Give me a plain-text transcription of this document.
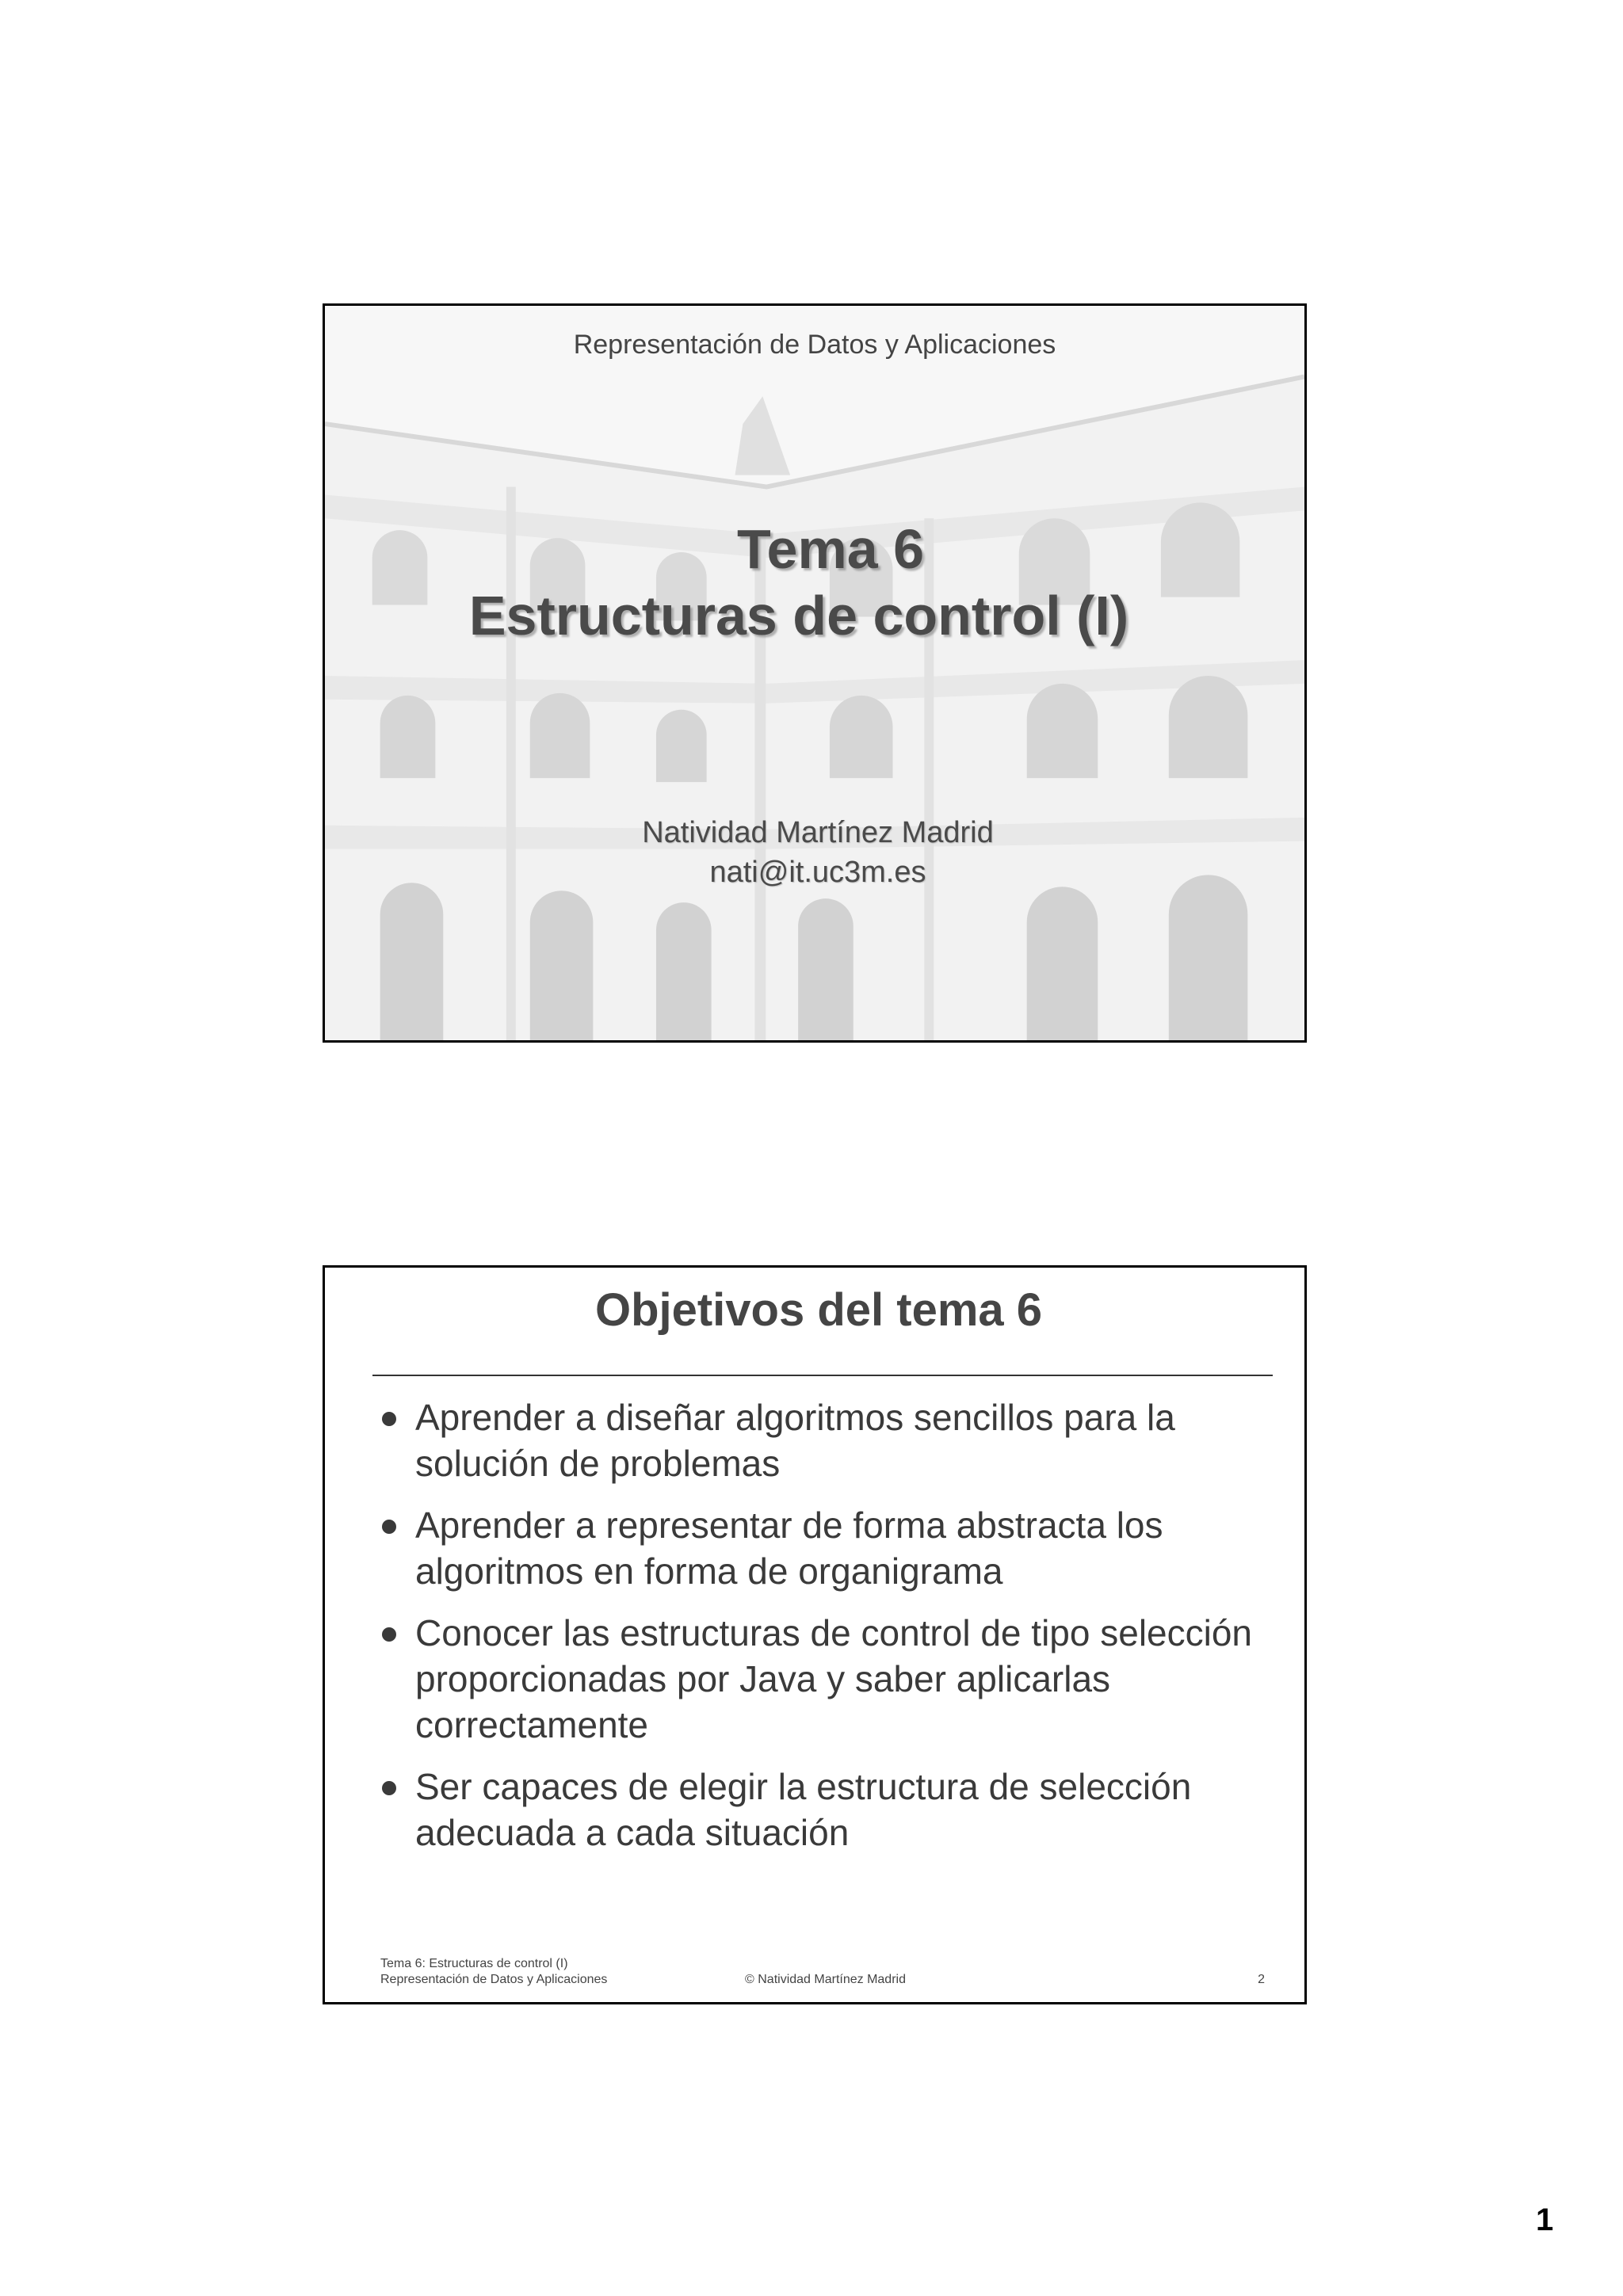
Representación de Datos y Aplicaciones
Tema 6
Estructuras de control (I)
Natividad Martínez Madrid
nati@it.uc3m.es
Objetivos del tema 6
Aprender a diseñar algoritmos sencillos para la solución de problemas
Aprender a representar de forma abstracta los algoritmos en forma de organigrama
Conocer las estructuras de control de tipo selección proporcionadas por Java y saber aplicarlas correctamente
Ser capaces de elegir la estructura de selección adecuada a cada situación
Tema 6: Estructuras de control (I)
Representación de Datos y Aplicaciones	© Natividad Martínez Madrid	2
1
